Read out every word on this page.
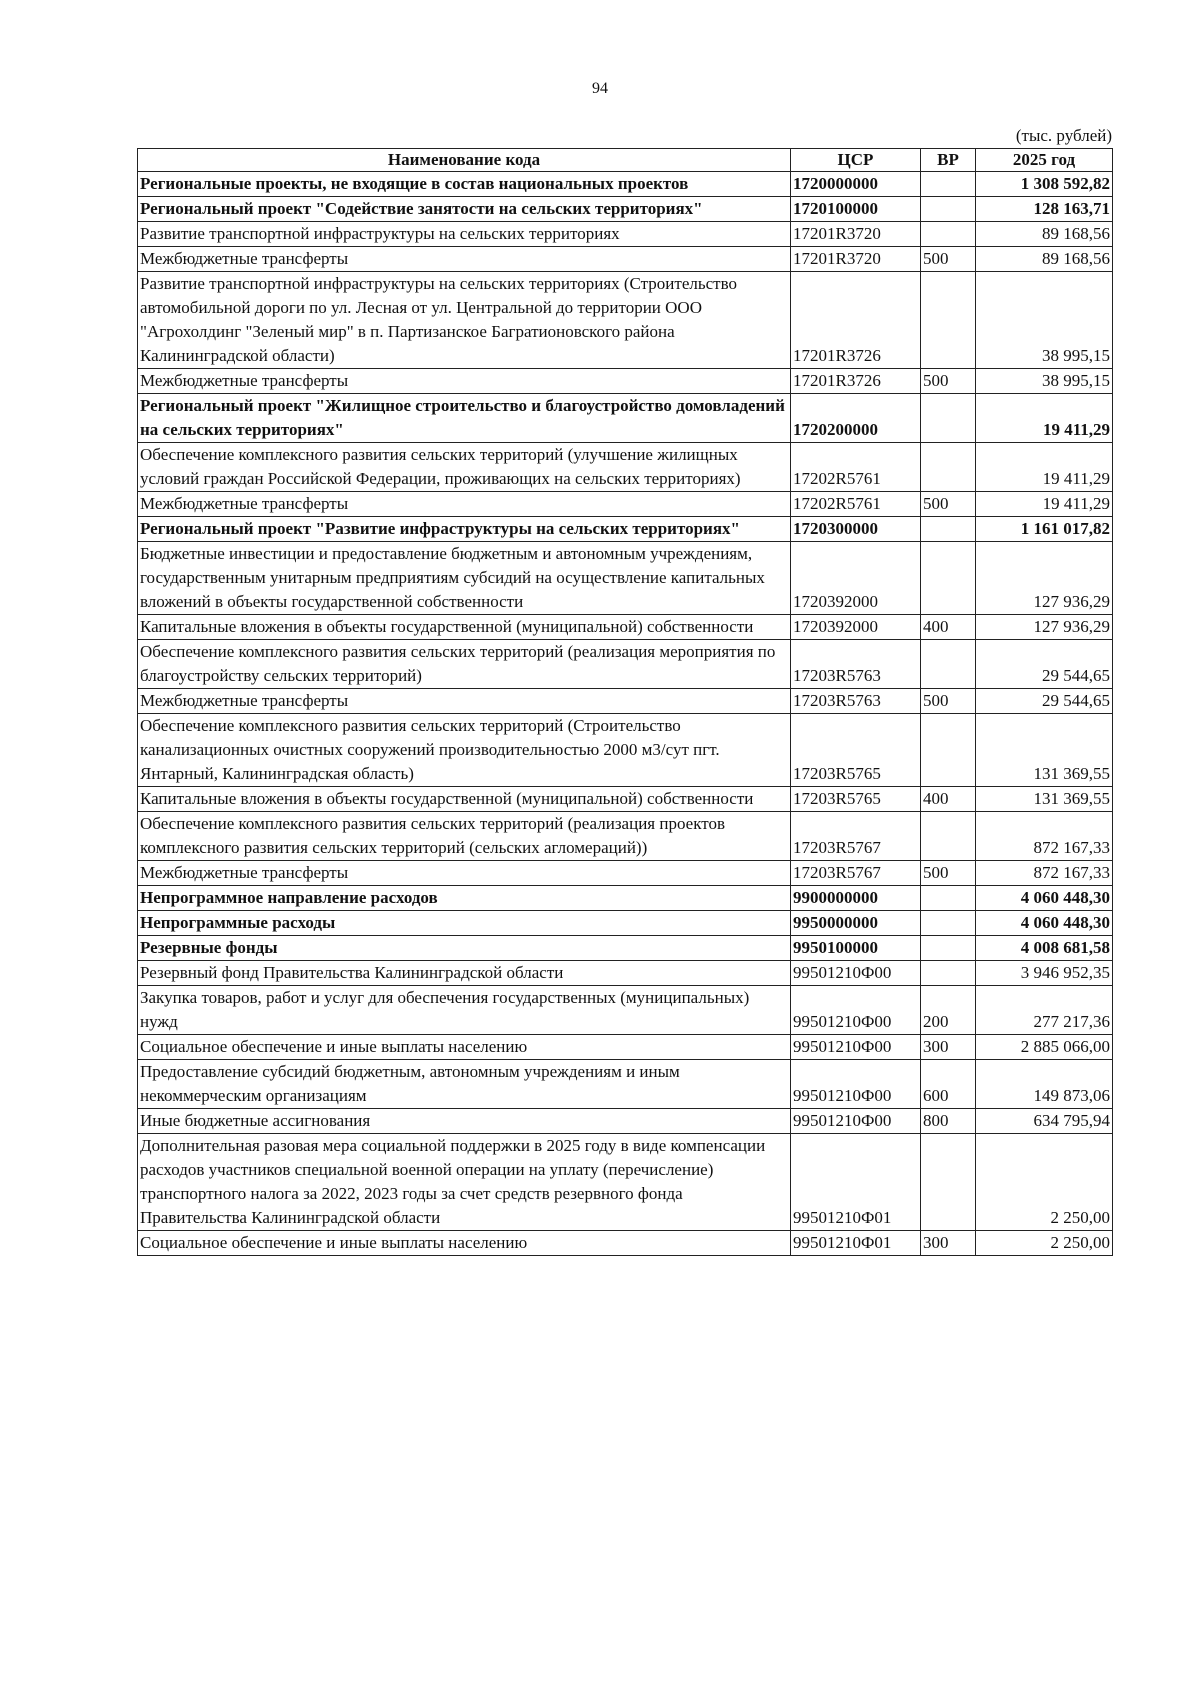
94
(тыс. рублей)
Наименование кода	ЦСР	ВР	2025 год
Региональные проекты, не входящие в состав национальных проектов	1720000000		1 308 592,82
Региональный проект "Содействие занятости на сельских территориях"	1720100000		128 163,71
Развитие транспортной инфраструктуры на сельских территориях	17201R3720		89 168,56
Межбюджетные трансферты	17201R3720	500	89 168,56
Развитие транспортной инфраструктуры на сельских территориях (Строительство автомобильной дороги по ул. Лесная от ул. Центральной до территории ООО "Агрохолдинг "Зеленый мир" в п. Партизанское Багратионовского района Калининградской области)	17201R3726		38 995,15
Межбюджетные трансферты	17201R3726	500	38 995,15
Региональный проект "Жилищное строительство и благоустройство домовладений на сельских территориях"	1720200000		19 411,29
Обеспечение комплексного развития сельских территорий (улучшение жилищных условий граждан Российской Федерации, проживающих на сельских территориях)	17202R5761		19 411,29
Межбюджетные трансферты	17202R5761	500	19 411,29
Региональный проект "Развитие инфраструктуры на сельских территориях"	1720300000		1 161 017,82
Бюджетные инвестиции и предоставление бюджетным и автономным учреждениям, государственным унитарным предприятиям субсидий на осуществление капитальных вложений в объекты государственной собственности	1720392000		127 936,29
Капитальные вложения в объекты государственной (муниципальной) собственности	1720392000	400	127 936,29
Обеспечение комплексного развития сельских территорий (реализация мероприятия по благоустройству сельских территорий)	17203R5763		29 544,65
Межбюджетные трансферты	17203R5763	500	29 544,65
Обеспечение комплексного развития сельских территорий (Строительство канализационных очистных сооружений производительностью 2000 м3/сут пгт. Янтарный, Калининградская область)	17203R5765		131 369,55
Капитальные вложения в объекты государственной (муниципальной) собственности	17203R5765	400	131 369,55
Обеспечение комплексного развития сельских территорий (реализация проектов комплексного развития сельских территорий (сельских агломераций))	17203R5767		872 167,33
Межбюджетные трансферты	17203R5767	500	872 167,33
Непрограммное направление расходов	9900000000		4 060 448,30
Непрограммные расходы	9950000000		4 060 448,30
Резервные фонды	9950100000		4 008 681,58
Резервный фонд Правительства Калининградской области	99501210Ф00		3 946 952,35
Закупка товаров, работ и услуг для обеспечения государственных (муниципальных) нужд	99501210Ф00	200	277 217,36
Социальное обеспечение и иные выплаты населению	99501210Ф00	300	2 885 066,00
Предоставление субсидий бюджетным, автономным учреждениям и иным некоммерческим организациям	99501210Ф00	600	149 873,06
Иные бюджетные ассигнования	99501210Ф00	800	634 795,94
Дополнительная разовая мера социальной поддержки в 2025 году в виде компенсации расходов участников специальной военной операции на уплату (перечисление) транспортного налога за 2022, 2023 годы за счет средств резервного фонда Правительства Калининградской области	99501210Ф01		2 250,00
Социальное обеспечение и иные выплаты населению	99501210Ф01	300	2 250,00
